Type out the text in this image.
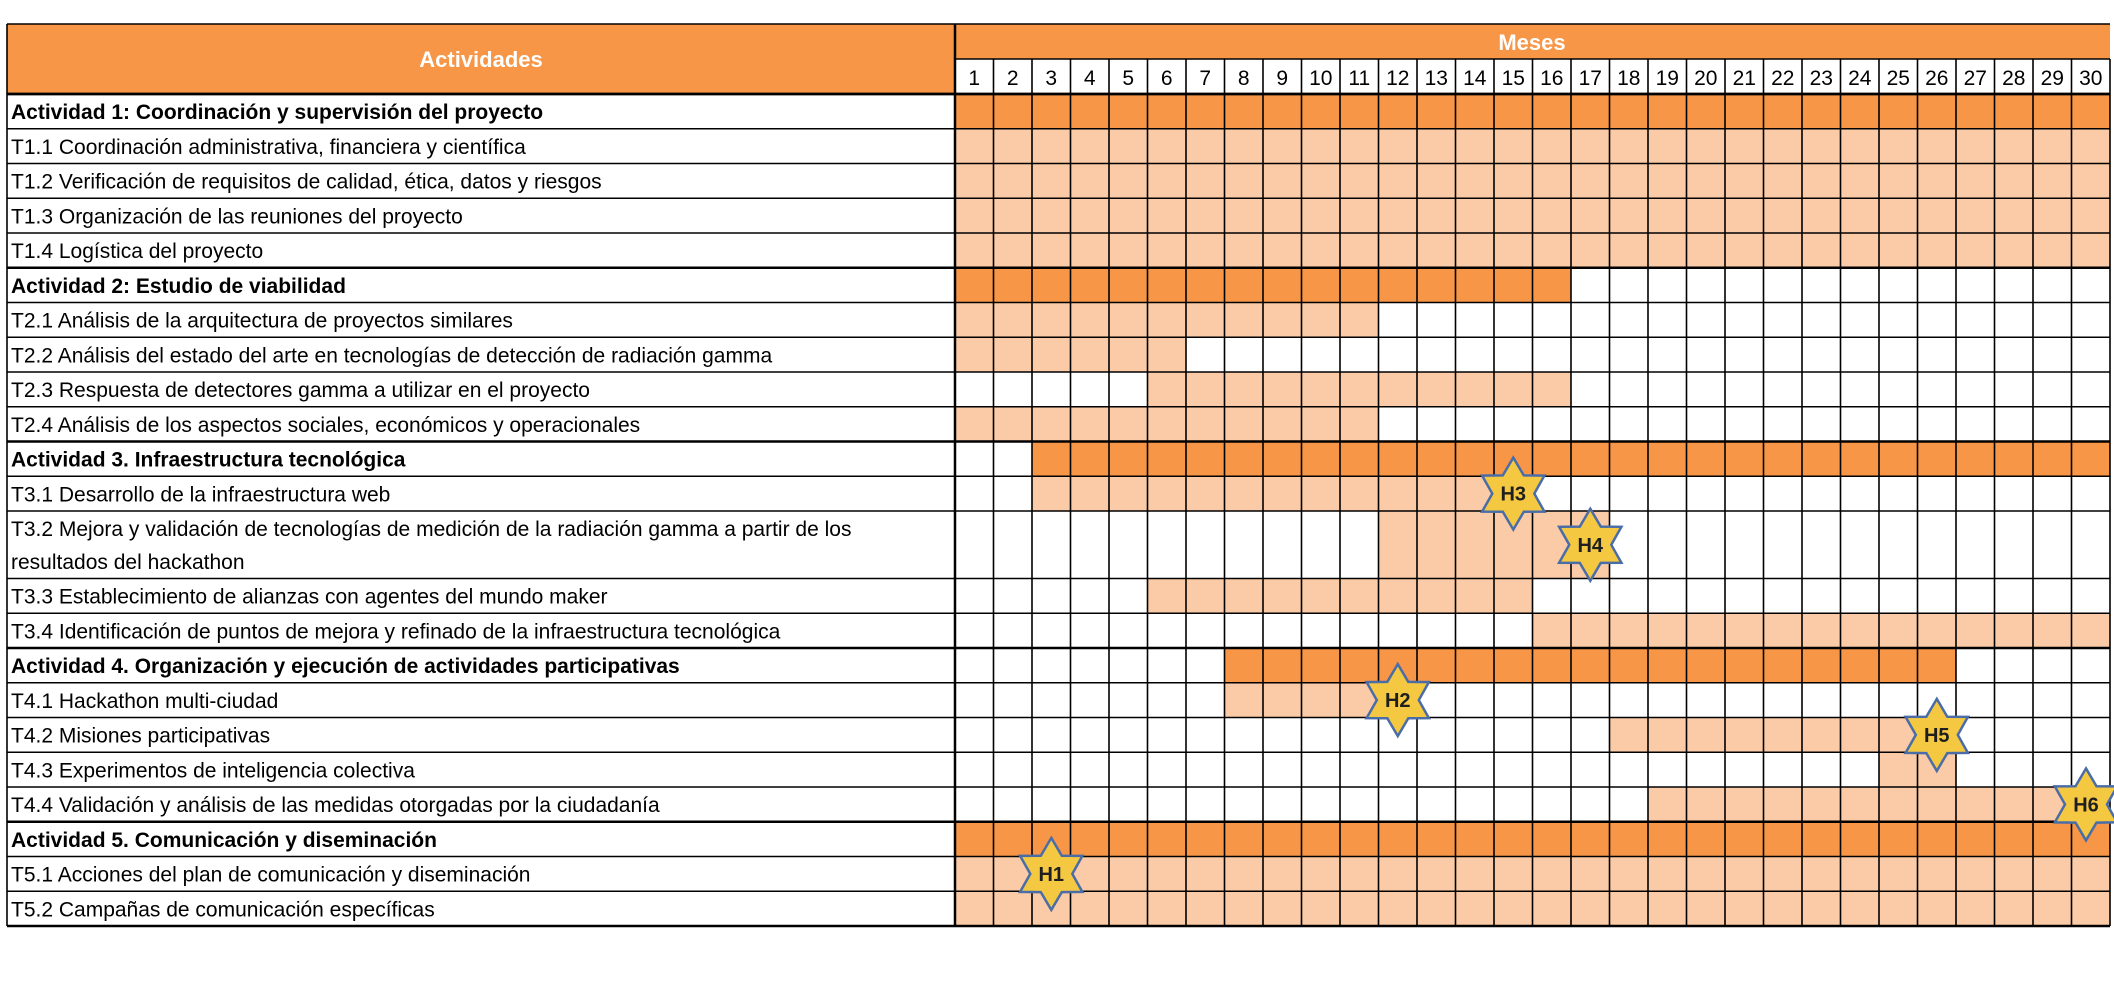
Actividades
Meses
1 2 3 4 5 6 7 8 9 10 11 12 13 14 15 16 17 18 19 20 21 22 23 24 25 26 27 28 29 30
Actividad 1: Coordinación y supervisión del proyecto
T1.1 Coordinación administrativa, financiera y científica
T1.2 Verificación de requisitos de calidad, ética, datos y riesgos
T1.3 Organización de las reuniones del proyecto
T1.4 Logística del proyecto
Actividad 2: Estudio de viabilidad
T2.1 Análisis de la arquitectura de proyectos similares
T2.2 Análisis del estado del arte en tecnologías de detección de radiación gamma
T2.3 Respuesta de detectores gamma a utilizar en el proyecto
T2.4 Análisis de los aspectos sociales, económicos y operacionales
Actividad 3. Infraestructura tecnológica
T3.1 Desarrollo de la infraestructura web
T3.2 Mejora y validación de tecnologías de medición de la radiación gamma a partir de los
resultados del hackathon
T3.3 Establecimiento de alianzas con agentes del mundo maker
T3.4 Identificación de puntos de mejora y refinado de la infraestructura tecnológica
Actividad 4. Organización y ejecución de actividades participativas
T4.1 Hackathon multi-ciudad
T4.2 Misiones participativas
T4.3 Experimentos de inteligencia colectiva
T4.4 Validación y análisis de las medidas otorgadas por la ciudadanía
Actividad 5. Comunicación y diseminación
T5.1 Acciones del plan de comunicación y diseminación
T5.2 Campañas de comunicación específicas
H3
H4
H2
H5
H6
H1
